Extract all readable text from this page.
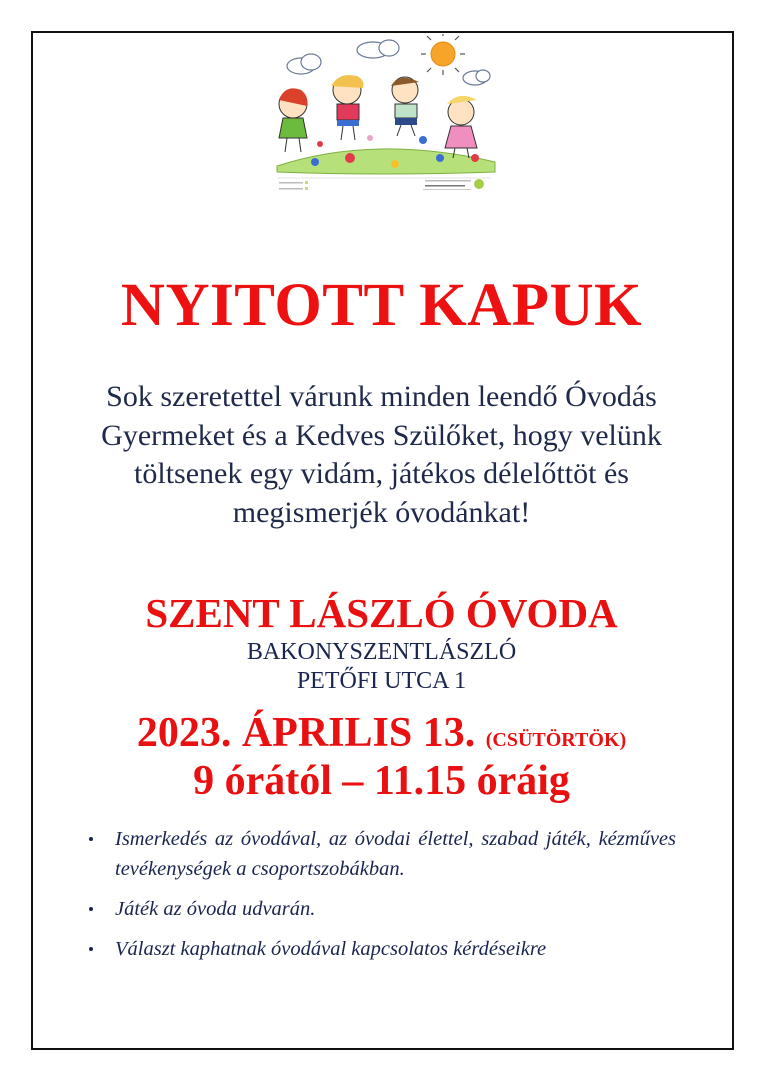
NYITOTT KAPUK
Sok szeretettel várunk minden leendő Óvodás
Gyermeket és a Kedves Szülőket, hogy velünk
töltsenek egy vidám, játékos délelőttöt és
megismerjék óvodánkat!
SZENT LÁSZLÓ ÓVODA
BAKONYSZENTLÁSZLÓ
PETŐFI UTCA 1
2023. ÁPRILIS 13. (CSÜTÖRTÖK)
9 órától – 11.15 óráig
Ismerkedés az óvodával, az óvodai élettel, szabad játék, kézműves tevékenységek a csoportszobákban.
Játék az óvoda udvarán.
Választ kaphatnak óvodával kapcsolatos kérdéseikre
